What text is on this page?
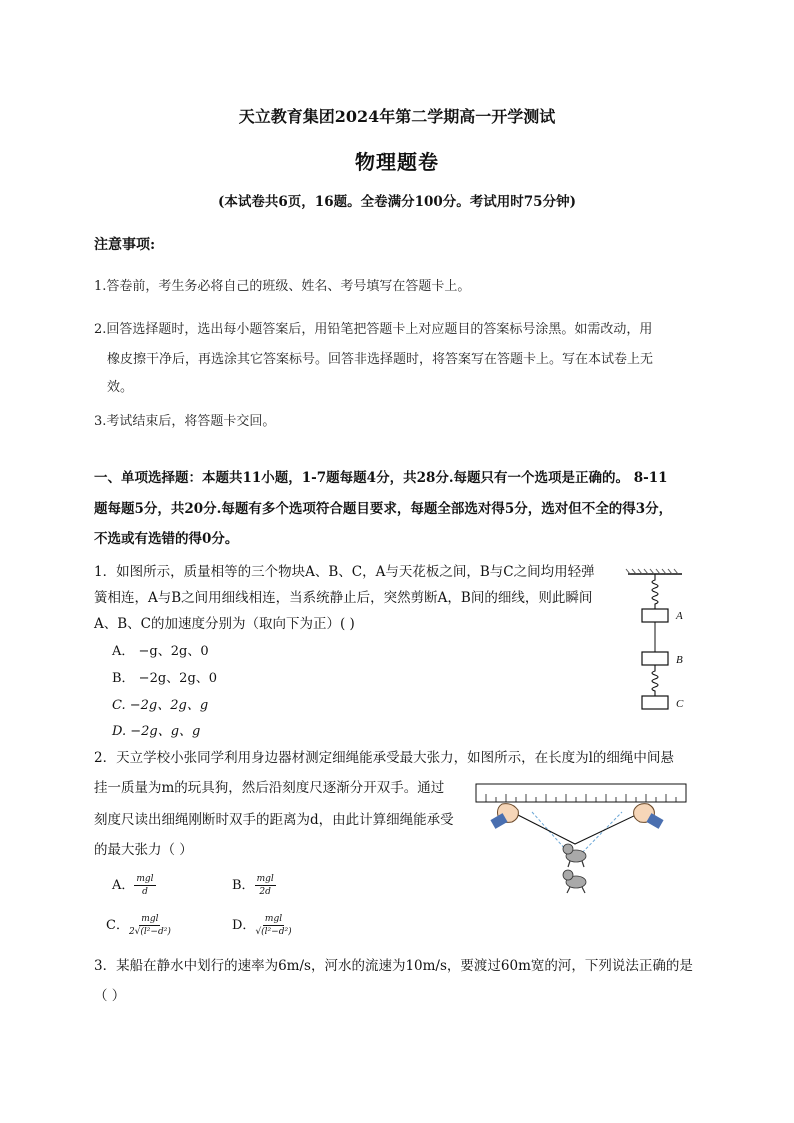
天立教育集团2024年第二学期高一开学测试
物理题卷
(本试卷共6页，16题。全卷满分100分。考试用时75分钟)
注意事项:
1.答卷前，考生务必将自己的班级、姓名、考号填写在答题卡上。
2.回答选择题时，选出每小题答案后，用铅笔把答题卡上对应题目的答案标号涂黑。如需改动，用
橡皮擦干净后，再选涂其它答案标号。回答非选择题时，将答案写在答题卡上。写在本试卷上无
效。
3.考试结束后，将答题卡交回。
一、单项选择题：本题共11小题，1-7题每题4分，共28分.每题只有一个选项是正确的。 8-11
题每题5分，共20分.每题有多个选项符合题目要求，每题全部选对得5分，选对但不全的得3分，
不选或有选错的得0分。
1．如图所示，质量相等的三个物块A、B、C，A与天花板之间，B与C之间均用轻弹
簧相连，A与B之间用细线相连，当系统静止后，突然剪断A，B间的细线，则此瞬间
A、B、C的加速度分别为（取向下为正）( )
A． −g、2g、0
B． −2g、2g、0
C. −2g、2g、g
D. −2g、g、g
A
B
C
2．天立学校小张同学利用身边器材测定细绳能承受最大张力，如图所示，在长度为l的细绳中间悬
挂一质量为m的玩具狗，然后沿刻度尺逐渐分开双手。通过
刻度尺读出细绳刚断时双手的距离为d，由此计算细绳能承受
的最大张力（ ）
A． $\frac{\text{mgl}}{d}$	B． $\frac{\text{mgl}}{2d}$
C． $\frac{\text{mgl}}{\text{2√(l²−d²)}}$	D． $\frac{\text{mgl}}{\text{√(l²−d²)}}$
3．某船在静水中划行的速率为6m/s，河水的流速为10m/s，要渡过60m宽的河，下列说法正确的是
（ ）
